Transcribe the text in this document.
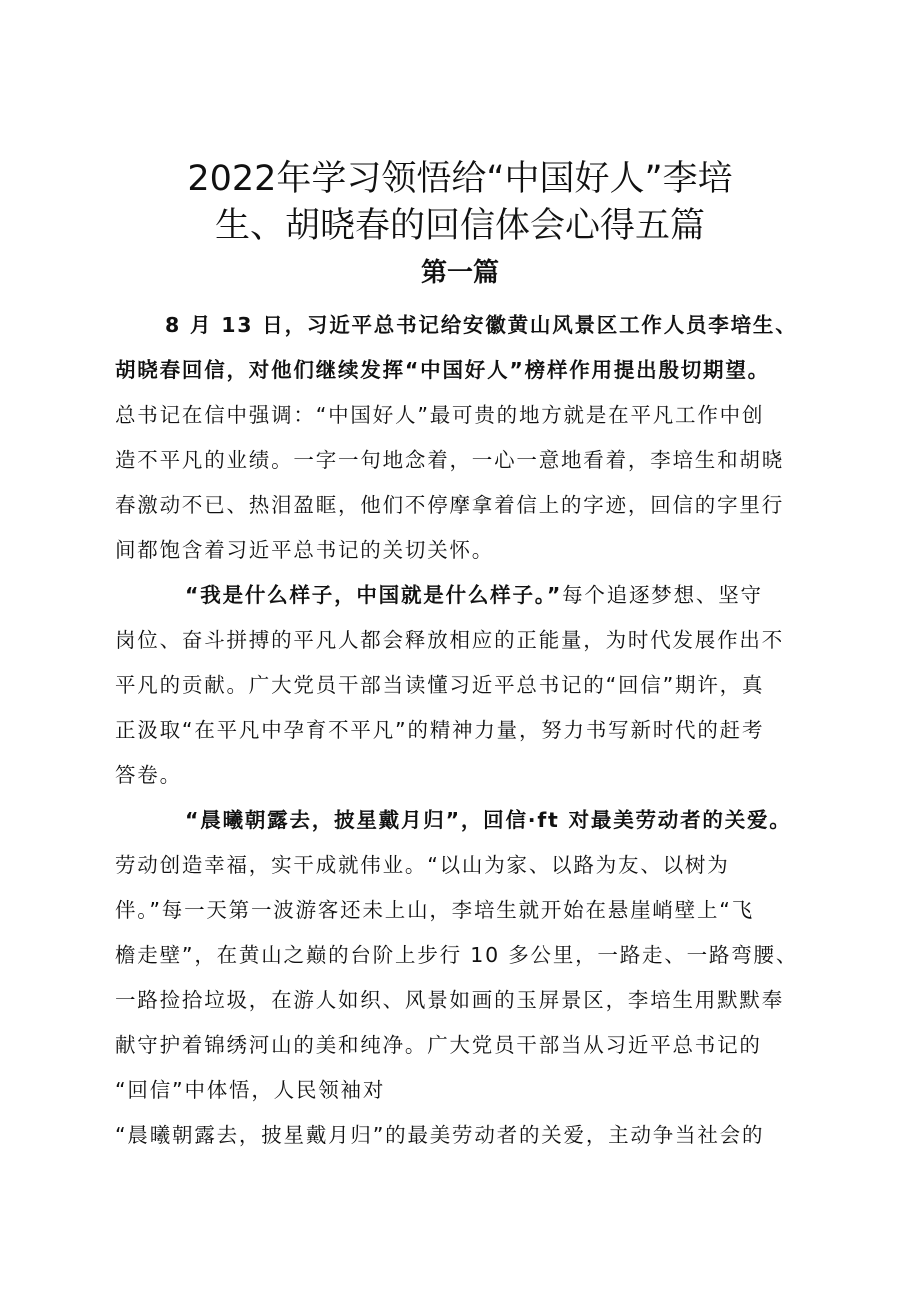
2022年学习领悟给“中国好人”李培
生、胡晓春的回信体会心得五篇
第一篇
8 月 13 日，习近平总书记给安徽黄山风景区工作人员李培生、
胡晓春回信，对他们继续发挥“中国好人”榜样作用提出殷切期望。
总书记在信中强调：“中国好人”最可贵的地方就是在平凡工作中创
造不平凡的业绩。一字一句地念着，一心一意地看着，李培生和胡晓
春激动不已、热泪盈眶，他们不停摩拿着信上的字迹，回信的字里行
间都饱含着习近平总书记的关切关怀。
“我是什么样子，中国就是什么样子。”每个追逐梦想、坚守
岗位、奋斗拼搏的平凡人都会释放相应的正能量，为时代发展作出不
平凡的贡献。广大党员干部当读懂习近平总书记的“回信”期许，真
正汲取“在平凡中孕育不平凡”的精神力量，努力书写新时代的赶考
答卷。
“晨曦朝露去，披星戴月归”，回信·ft 对最美劳动者的关爱。
劳动创造幸福，实干成就伟业。“以山为家、以路为友、以树为
伴。”每一天第一波游客还未上山，李培生就开始在悬崖峭壁上“飞
檐走壁”，在黄山之巅的台阶上步行 10 多公里，一路走、一路弯腰、
一路捡拾垃圾，在游人如织、风景如画的玉屏景区，李培生用默默奉
献守护着锦绣河山的美和纯净。广大党员干部当从习近平总书记的
“回信”中体悟，人民领袖对
“晨曦朝露去，披星戴月归”的最美劳动者的关爱，主动争当社会的
